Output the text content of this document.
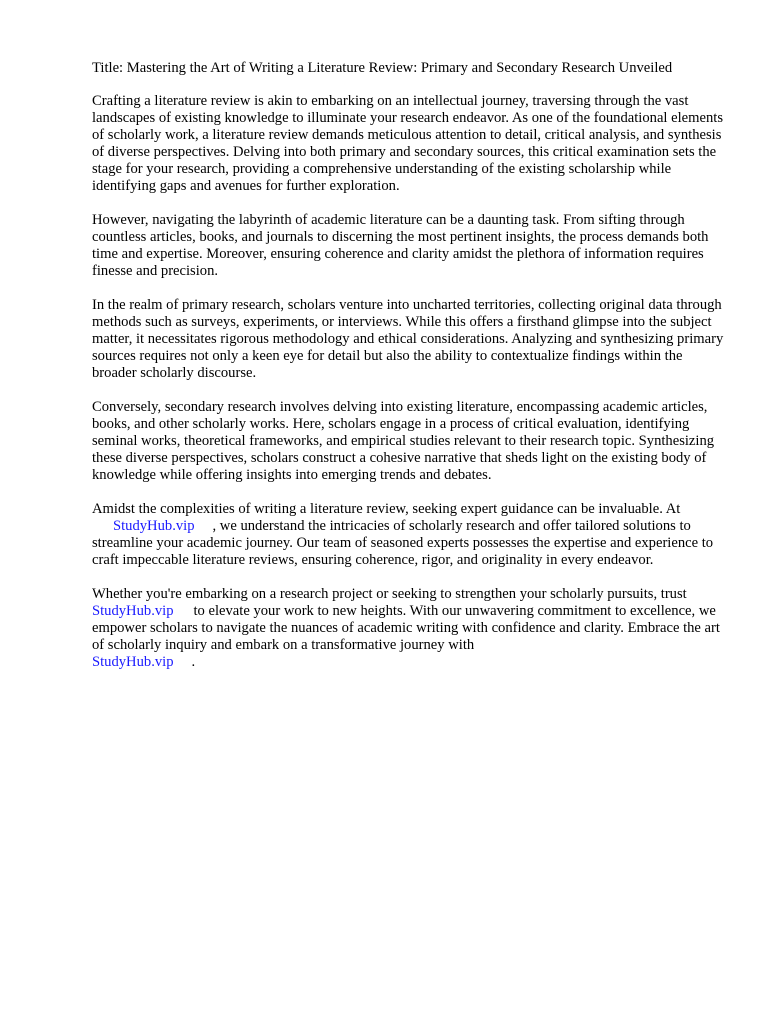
Title: Mastering the Art of Writing a Literature Review: Primary and Secondary Research Unveiled

Crafting a literature review is akin to embarking on an intellectual journey, traversing through the vast landscapes of existing knowledge to illuminate your research endeavor. As one of the foundational elements of scholarly work, a literature review demands meticulous attention to detail, critical analysis, and synthesis of diverse perspectives. Delving into both primary and secondary sources, this critical examination sets the stage for your research, providing a comprehensive understanding of the existing scholarship while identifying gaps and avenues for further exploration.

However, navigating the labyrinth of academic literature can be a daunting task. From sifting through countless articles, books, and journals to discerning the most pertinent insights, the process demands both time and expertise. Moreover, ensuring coherence and clarity amidst the plethora of information requires finesse and precision.

In the realm of primary research, scholars venture into uncharted territories, collecting original data through methods such as surveys, experiments, or interviews. While this offers a firsthand glimpse into the subject matter, it necessitates rigorous methodology and ethical considerations. Analyzing and synthesizing primary sources requires not only a keen eye for detail but also the ability to contextualize findings within the broader scholarly discourse.

Conversely, secondary research involves delving into existing literature, encompassing academic articles, books, and other scholarly works. Here, scholars engage in a process of critical evaluation, identifying seminal works, theoretical frameworks, and empirical studies relevant to their research topic. Synthesizing these diverse perspectives, scholars construct a cohesive narrative that sheds light on the existing body of knowledge while offering insights into emerging trends and debates.

Amidst the complexities of writing a literature review, seeking expert guidance can be invaluable. At
StudyHub.vip , we understand the intricacies of scholarly research and offer tailored solutions to streamline your academic journey. Our team of seasoned experts possesses the expertise and experience to craft impeccable literature reviews, ensuring coherence, rigor, and originality in every endeavor.

Whether you're embarking on a research project or seeking to strengthen your scholarly pursuits, trustStudyHub.vip to elevate your work to new heights. With our unwavering commitment to excellence, we empower scholars to navigate the nuances of academic writing with confidence and clarity. Embrace the art of scholarly inquiry and embark on a transformative journey with
StudyHub.vip .
